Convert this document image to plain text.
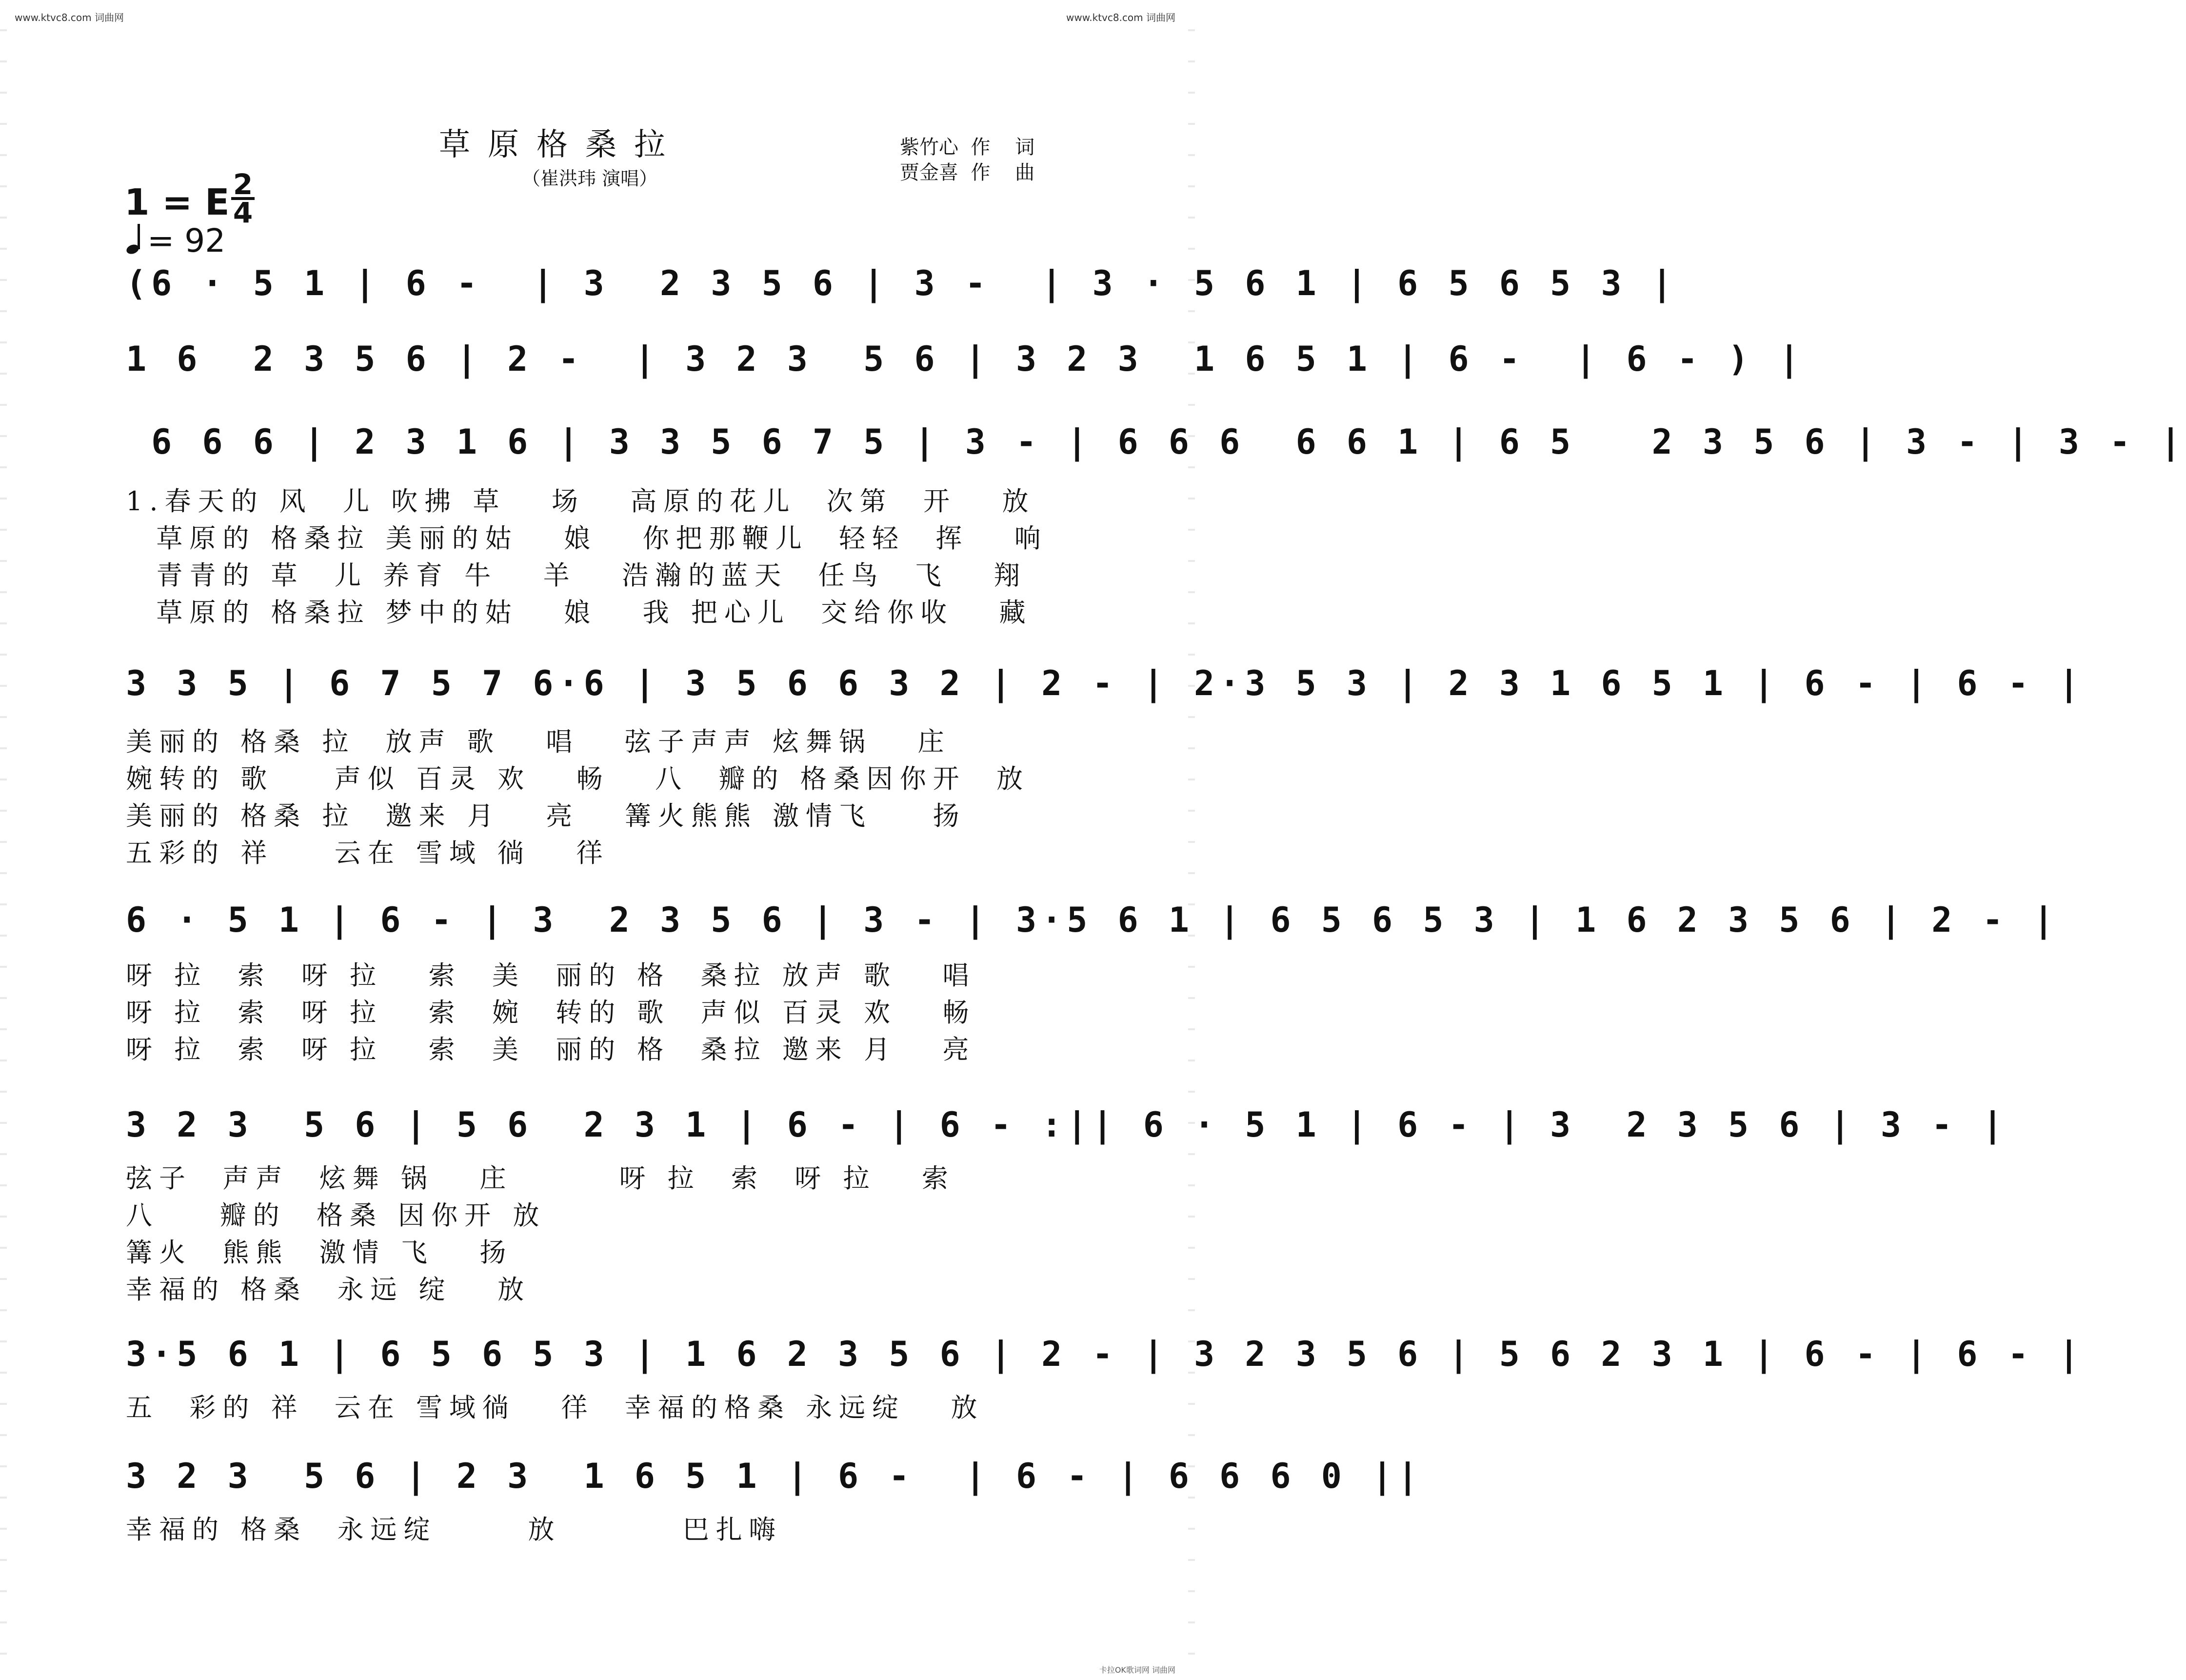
www.ktvc8.com 词曲网	www.ktvc8.com 词曲网
草原格桑拉
（崔洪玮 演唱）
紫竹心  作    词
贾金喜  作    曲
1 = E 2
4
= 92
(6 · 5 1 | 6 -  | 3  2 3 5 6 | 3 -  | 3 · 5 6 1 | 6 5 6 5 3 |
1 6  2 3 5 6 | 2 -  | 3 2 3  5 6 | 3 2 3  1 6 5 1 | 6 -  | 6 - ) |
6 6 6 | 2 3 1 6 | 3 3 5 6 7 5 | 3 - | 6 6 6  6 6 1 | 6 5   2 3 5 6 | 3 - | 3 - |
1.春天的 风  儿 吹拂 草   场   高原的花儿  次第  开   放
草原的 格桑拉 美丽的姑   娘   你把那鞭儿  轻轻  挥   响
青青的 草  儿 养育 牛   羊   浩瀚的蓝天  任鸟  飞   翔
草原的 格桑拉 梦中的姑   娘   我 把心儿  交给你收   藏
3 3 5 | 6 7 5 7 6·6 | 3 5 6 6 3 2 | 2 - | 2·3 5 3 | 2 3 1 6 5 1 | 6 - | 6 - |
美丽的 格桑 拉  放声 歌   唱   弦子声声 炫舞锅   庄
婉转的 歌    声似 百灵 欢   畅   八  瓣的 格桑因你开  放
美丽的 格桑 拉  邀来 月   亮   篝火熊熊 激情飞    扬
五彩的 祥    云在 雪域 徜   徉
6 · 5 1 | 6 - | 3  2 3 5 6 | 3 - | 3·5 6 1 | 6 5 6 5 3 | 1 6 2 3 5 6 | 2 - |
呀 拉  索  呀 拉   索  美  丽的 格  桑拉 放声 歌   唱
呀 拉  索  呀 拉   索  婉  转的 歌  声似 百灵 欢   畅
呀 拉  索  呀 拉   索  美  丽的 格  桑拉 邀来 月   亮
3 2 3  5 6 | 5 6  2 3 1 | 6 - | 6 - :|| 6 · 5 1 | 6 - | 3  2 3 5 6 | 3 - |
弦子  声声  炫舞 锅   庄       呀 拉  索  呀 拉   索
八    瓣的  格桑 因你开 放
篝火  熊熊  激情 飞   扬
幸福的 格桑  永远 绽   放
3·5 6 1 | 6 5 6 5 3 | 1 6 2 3 5 6 | 2 - | 3 2 3 5 6 | 5 6 2 3 1 | 6 - | 6 - |
五  彩的 祥  云在 雪域徜   徉  幸福的格桑 永远绽   放
3 2 3  5 6 | 2 3  1 6 5 1 | 6 -  | 6 - | 6 6 6 0 ||
幸福的 格桑  永远绽      放        巴扎嗨
卡拉OK歌词网 词曲网
